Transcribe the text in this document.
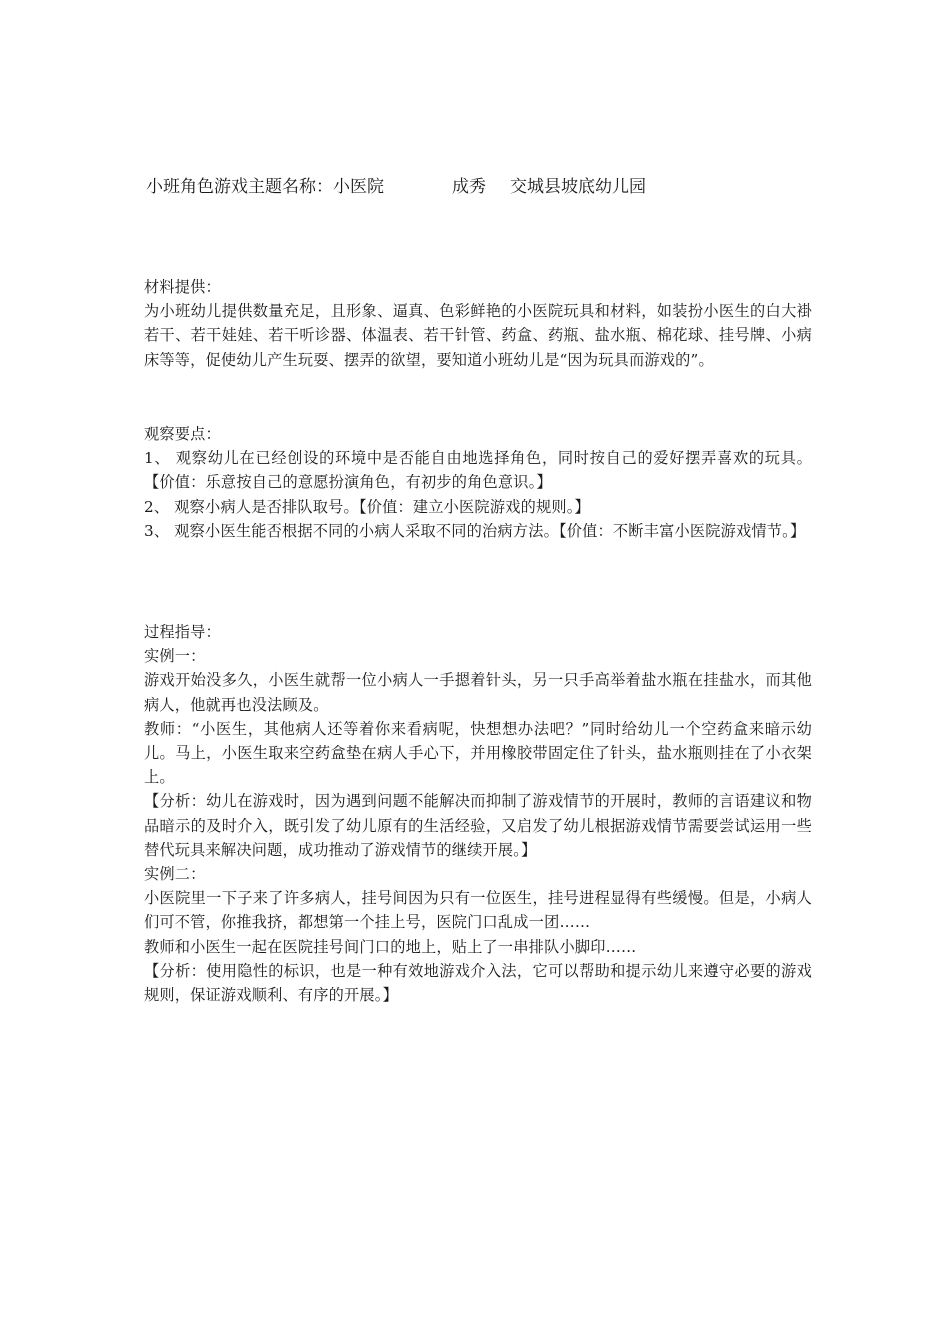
小班角色游戏主题名称：小医院	成秀 交城县坡底幼儿园

材料提供：

为小班幼儿提供数量充足，且形象、逼真、色彩鲜艳的小医院玩具和材料，如装扮小医生的白大褂若干、若干娃娃、若干听诊器、体温表、若干针管、药盒、药瓶、盐水瓶、棉花球、挂号牌、小病床等等，促使幼儿产生玩耍、摆弄的欲望，要知道小班幼儿是“因为玩具而游戏的”。

观察要点：

1、 观察幼儿在已经创设的环境中是否能自由地选择角色，同时按自己的爱好摆弄喜欢的玩具。【价值：乐意按自己的意愿扮演角色，有初步的角色意识。】

2、 观察小病人是否排队取号。【价值：建立小医院游戏的规则。】

3、 观察小医生能否根据不同的小病人采取不同的治病方法。【价值：不断丰富小医院游戏情节。】

过程指导：

实例一：

游戏开始没多久，小医生就帮一位小病人一手摁着针头，另一只手高举着盐水瓶在挂盐水，而其他病人，他就再也没法顾及。

教师：“小医生，其他病人还等着你来看病呢，快想想办法吧？”同时给幼儿一个空药盒来暗示幼儿。马上，小医生取来空药盒垫在病人手心下，并用橡胶带固定住了针头，盐水瓶则挂在了小衣架上。

【分析：幼儿在游戏时，因为遇到问题不能解决而抑制了游戏情节的开展时，教师的言语建议和物品暗示的及时介入，既引发了幼儿原有的生活经验，又启发了幼儿根据游戏情节需要尝试运用一些替代玩具来解决问题，成功推动了游戏情节的继续开展。】

实例二：

小医院里一下子来了许多病人，挂号间因为只有一位医生，挂号进程显得有些缓慢。但是，小病人们可不管，你推我挤，都想第一个挂上号，医院门口乱成一团……

教师和小医生一起在医院挂号间门口的地上，贴上了一串排队小脚印……

【分析：使用隐性的标识，也是一种有效地游戏介入法，它可以帮助和提示幼儿来遵守必要的游戏规则，保证游戏顺利、有序的开展。】
